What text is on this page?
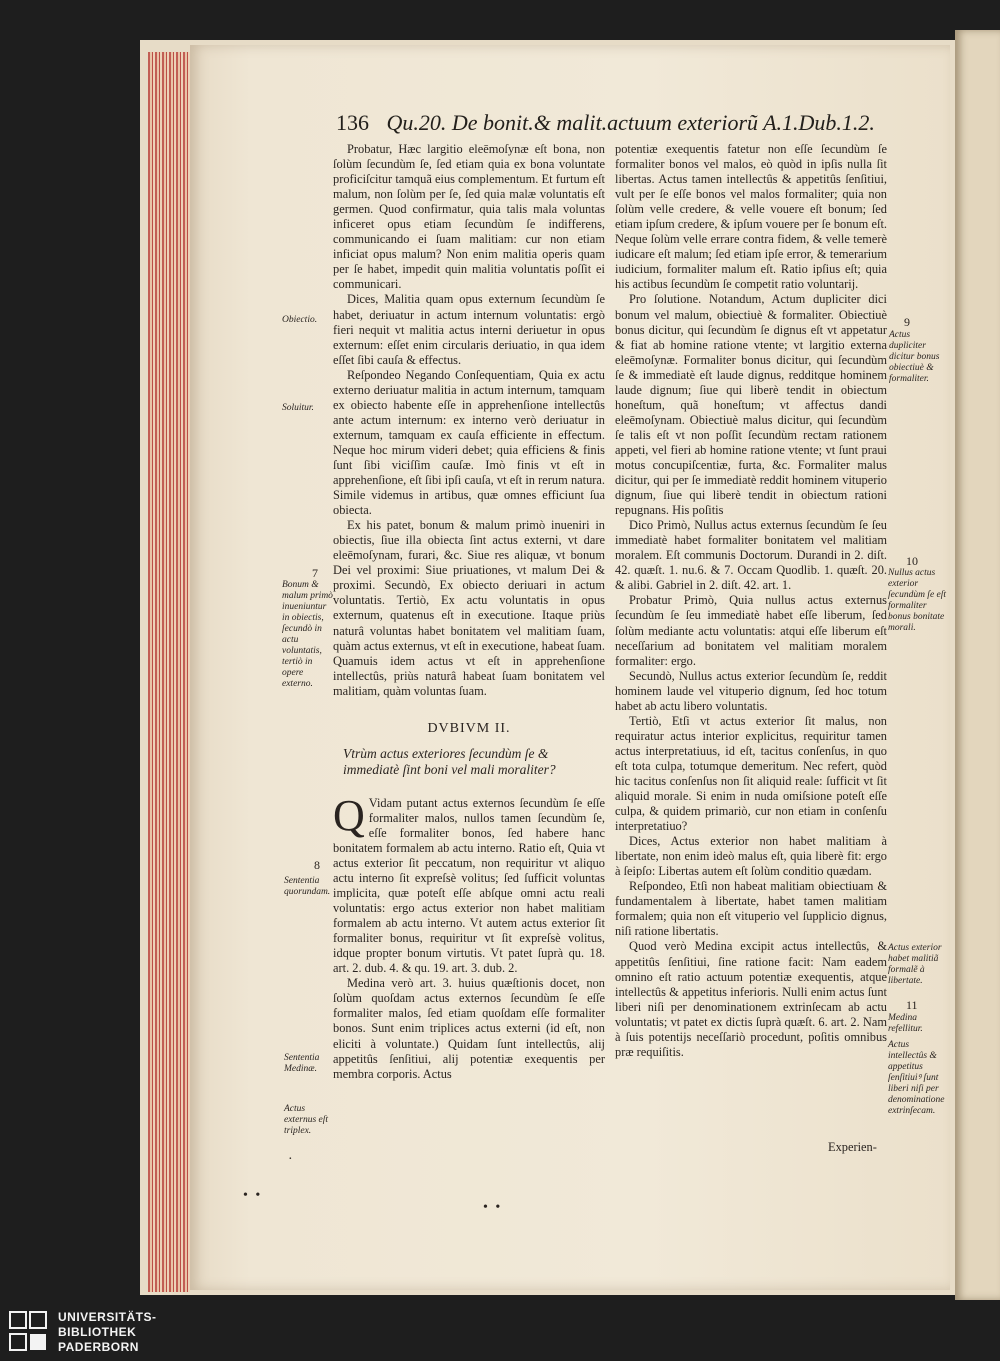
136 Qu.20. De bonit.& malit.actuum exteriorũ A.1.Dub.1.2.

Probatur, Hæc largitio eleēmoſynæ eſt bona, non ſolùm ſecundùm ſe, ſed etiam quia ex bona voluntate proficiſcitur tamquã eius complementum. Et furtum eſt malum, non ſolùm per ſe, ſed quia malæ voluntatis eſt germen. Quod confirmatur, quia talis mala voluntas inficeret opus etiam ſecundùm ſe indifferens, communicando ei ſuam malitiam: cur non etiam inficiat opus malum? Non enim malitia operis quam per ſe habet, impedit quin malitia voluntatis poſſit ei communicari.

Dices, Malitia quam opus externum ſecundùm ſe habet, deriuatur in actum internum voluntatis: ergò fieri nequit vt malitia actus interni deriuetur in opus externum: eſſet enim circularis deriuatio, in qua idem eſſet ſibi cauſa & effectus.

Reſpondeo Negando Conſequentiam, Quia ex actu externo deriuatur malitia in actum internum, tamquam ex obiecto habente eſſe in apprehenſione intellectûs ante actum internum: ex interno verò deriuatur in externum, tamquam ex cauſa efficiente in effectum. Neque hoc mirum videri debet; quia efficiens & finis ſunt ſibi viciſſim cauſæ. Imò finis vt eſt in apprehenſione, eſt ſibi ipſi cauſa, vt eſt in rerum natura. Simile videmus in artibus, quæ omnes efficiunt ſua obiecta.

Ex his patet, bonum & malum primò inueniri in obiectis, ſiue illa obiecta ſint actus externi, vt dare eleēmoſynam, furari, &c. Siue res aliquæ, vt bonum Dei vel proximi: Siue priuationes, vt malum Dei & proximi. Secundò, Ex obiecto deriuari in actum voluntatis. Tertiò, Ex actu voluntatis in opus externum, quatenus eſt in executione. Itaque priùs naturâ voluntas habet bonitatem vel malitiam ſuam, quàm actus externus, vt eſt in executione, habeat ſuam. Quamuis idem actus vt eſt in apprehenſione intellectûs, priùs naturâ habeat ſuam bonitatem vel malitiam, quàm voluntas ſuam.

DVBIVM II.

Vtrùm actus exteriores ſecundùm ſe & immediatè ſint boni vel mali moraliter?

Q Vidam putant actus externos ſecundùm ſe eſſe formaliter malos, nullos tamen ſecundùm ſe, eſſe formaliter bonos, ſed habere hanc bonitatem formalem ab actu interno. Ratio eſt, Quia vt actus exterior ſit peccatum, non requiritur vt aliquo actu interno ſit expreſsè volitus; ſed ſufficit voluntas implicita, quæ poteſt eſſe abſque omni actu reali voluntatis: ergo actus exterior non habet malitiam formalem ab actu interno. Vt autem actus exterior ſit formaliter bonus, requiritur vt ſit expreſsè volitus, idque propter bonum virtutis. Vt patet ſuprà qu. 18. art. 2. dub. 4. & qu. 19. art. 3. dub. 2.

Medina verò art. 3. huius quæſtionis docet, non ſolùm quoſdam actus externos ſecundùm ſe eſſe formaliter malos, ſed etiam quoſdam eſſe formaliter bonos. Sunt enim triplices actus externi (id eſt, non eliciti à voluntate.) Quidam ſunt intellectûs, alij appetitûs ſenſitiui, alij potentiæ exequentis per membra corporis. Actus

potentiæ exequentis fatetur non eſſe ſecundùm ſe formaliter bonos vel malos, eò quòd in ipſis nulla ſit libertas. Actus tamen intellectûs & appetitûs ſenſitiui, vult per ſe eſſe bonos vel malos formaliter; quia non ſolùm velle credere, & velle vouere eſt bonum; ſed etiam ipſum credere, & ipſum vouere per ſe bonum eſt. Neque ſolùm velle errare contra fidem, & velle temerè iudicare eſt malum; ſed etiam ipſe error, & temerarium iudicium, formaliter malum eſt. Ratio ipſius eſt; quia his actibus ſecundùm ſe competit ratio voluntarij.

Pro ſolutione. Notandum, Actum dupliciter dici bonum vel malum, obiectiuè & formaliter. Obiectiuè bonus dicitur, qui ſecundùm ſe dignus eſt vt appetatur & fiat ab homine ratione vtente; vt largitio externa eleēmoſynæ. Formaliter bonus dicitur, qui ſecundùm ſe & immediatè eſt laude dignus, redditque hominem laude dignum; ſiue qui liberè tendit in obiectum honeſtum, quã honeſtum; vt affectus dandi eleēmoſynam. Obiectiuè malus dicitur, qui ſecundùm ſe talis eſt vt non poſſit ſecundùm rectam rationem appeti, vel fieri ab homine ratione vtente; vt ſunt praui motus concupiſcentiæ, furta, &c. Formaliter malus dicitur, qui per ſe immediatè reddit hominem vituperio dignum, ſiue qui liberè tendit in obiectum rationi repugnans. His poſitis

Dico Primò, Nullus actus externus ſecundùm ſe ſeu immediatè habet formaliter bonitatem vel malitiam moralem. Eſt communis Doctorum. Durandi in 2. diſt. 42. quæſt. 1. nu.6. & 7. Occam Quodlib. 1. quæſt. 20. & alibi. Gabriel in 2. diſt. 42. art. 1.

Probatur Primò, Quia nullus actus externus ſecundùm ſe ſeu immediatè habet eſſe liberum, ſed ſolùm mediante actu voluntatis: atqui eſſe liberum eſt neceſſarium ad bonitatem vel malitiam moralem formaliter: ergo.

Secundò, Nullus actus exterior ſecundùm ſe, reddit hominem laude vel vituperio dignum, ſed hoc totum habet ab actu libero voluntatis.

Tertiò, Etſi vt actus exterior ſit malus, non requiratur actus interior explicitus, requiritur tamen actus interpretatiuus, id eſt, tacitus conſenſus, in quo eſt tota culpa, totumque demeritum. Nec refert, quòd hic tacitus conſenſus non ſit aliquid reale: ſufficit vt ſit aliquid morale. Si enim in nuda omiſsione poteſt eſſe culpa, & quidem primariò, cur non etiam in conſenſu interpretatiuo?

Dices, Actus exterior non habet malitiam à libertate, non enim ideò malus eſt, quia liberè fit: ergo à ſeipſo: Libertas autem eſt ſolùm conditio quædam.

Reſpondeo, Etſi non habeat malitiam obiectiuam & fundamentalem à libertate, habet tamen malitiam formalem; quia non eſt vituperio vel ſupplicio dignus, niſi ratione libertatis.

Quod verò Medina excipit actus intellectûs, & appetitûs ſenſitiui, ſine ratione facit: Nam eadem omnino eſt ratio actuum potentiæ exequentis, atque intellectûs & appetitus inferioris. Nulli enim actus ſunt liberi niſi per denominationem extrinſecam ab actu voluntatis; vt patet ex dictis ſuprà quæſt. 6. art. 2. Nam à ſuis potentijs neceſſariò procedunt, poſitis omnibus præ requiſitis.

Experien-
Obiectio.
Soluitur.
7
Bonum & malum primò inueniuntur in obiectis, ſecundò in actu voluntatis, tertiò in opere externo.
8
Sententia quorundam.
Sententia Medinæ.
Actus externus eſt triplex.
9
Actus dupliciter dicitur bonus obiectiuè & formaliter.
10
Nullus actus exterior ſecundùm ſe eſt formaliter bonus bonitate morali.
Actus exterior habet malitiã formalẽ à libertate.
11
Medina refellitur.
Actus intellectûs & appetitus ſenſitiuiꝰ ſunt liberi niſi per denominatione extrinſecam.
• •
• •
·
UNIVERSITÄTS-
BIBLIOTHEK
PADERBORN
